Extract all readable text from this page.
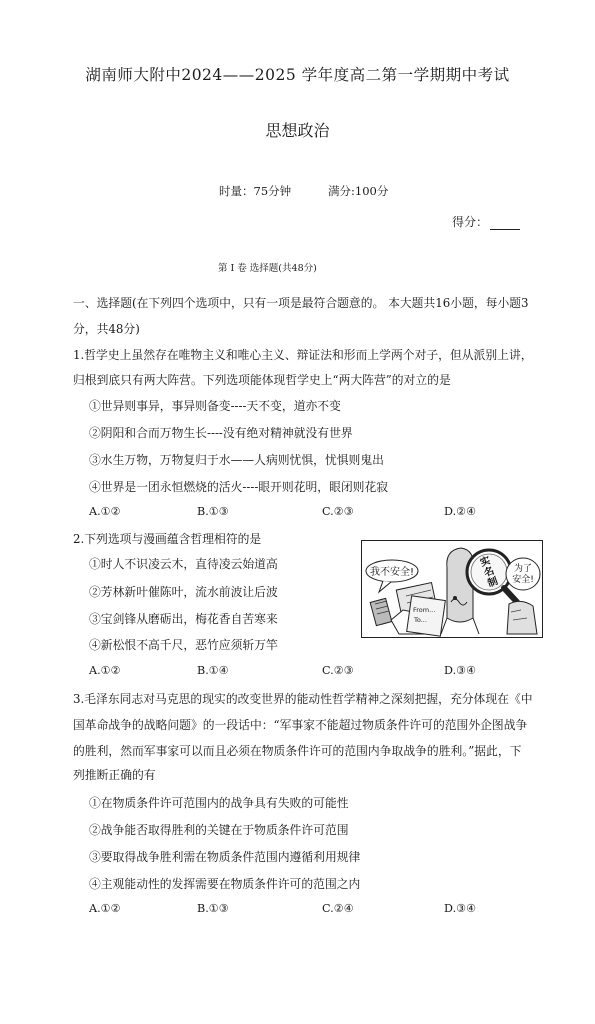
湖南师大附中2024——2025 学年度高二第一学期期中考试
思想政治
时量：75分钟	满分:100分
得分：
第 I 卷 选择题(共48分)
一、选择题(在下列四个选项中，只有一项是最符合题意的。 本大题共16小题，每小题3
分，共48分)
1.哲学史上虽然存在唯物主义和唯心主义、辩证法和形而上学两个对子，但从派别上讲，
归根到底只有两大阵营。下列选项能体现哲学史上“两大阵营”的对立的是
①世异则事异，事异则备变----天不变，道亦不变
②阴阳和合而万物生长----没有绝对精神就没有世界
③水生万物，万物复归于水——人病则忧惧，忧惧则鬼出
④世界是一团永恒燃烧的活火----眼开则花明，眼闭则花寂
A.①②	B.①③	C.②③	D.②④
2.下列选项与漫画蕴含哲理相符的是
①时人不识凌云木，直待凌云始道高
②芳林新叶催陈叶，流水前波让后波
③宝剑锋从磨砺出，梅花香自苦寒来
④新松恨不高千尺，恶竹应须斩万竿
A.①②	B.①④	C.②③	D.③④
我不安全!
From...
To...
实
名
制
为了
安全!
3.毛泽东同志对马克思的现实的改变世界的能动性哲学精神之深刻把握，充分体现在《中
国革命战争的战略问题》的一段话中：“军事家不能超过物质条件许可的范围外企图战争
的胜利，然而军事家可以而且必须在物质条件许可的范围内争取战争的胜利。”据此，下
列推断正确的有
①在物质条件许可范围内的战争具有失败的可能性
②战争能否取得胜利的关键在于物质条件许可范围
③要取得战争胜利需在物质条件范围内遵循利用规律
④主观能动性的发挥需要在物质条件许可的范围之内
A.①②	B.①③	C.②④	D.③④
